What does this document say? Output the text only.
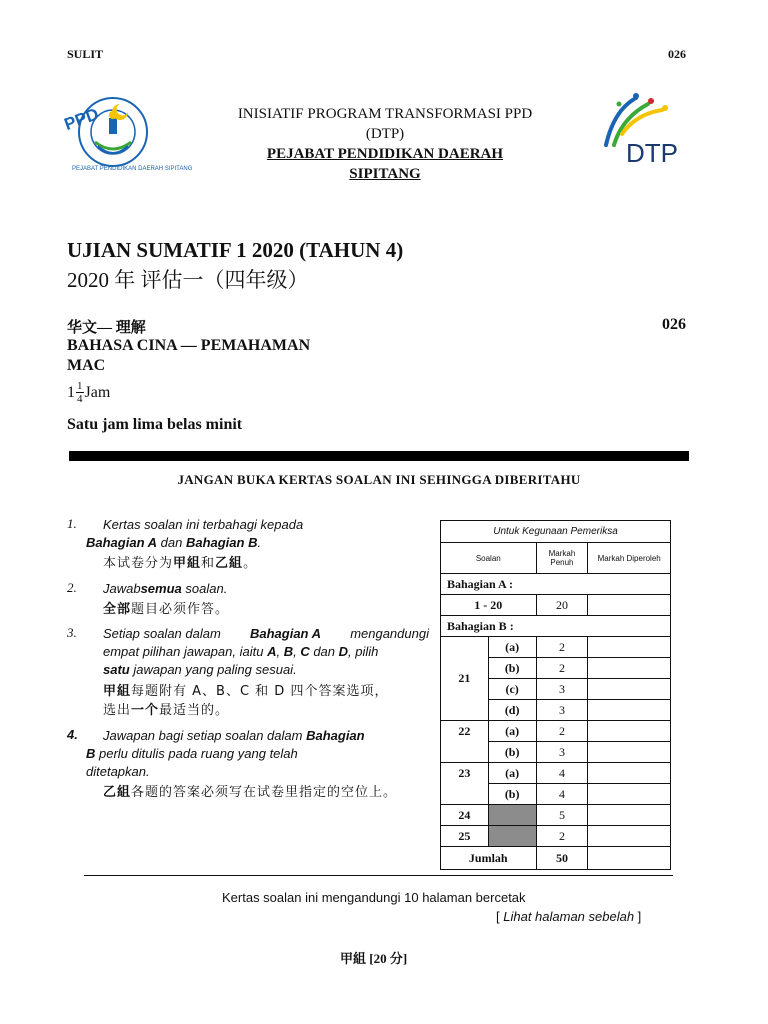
SULIT	026
PPD
PEJABAT PENDIDIKAN DAERAH SIPITANG
INISIATIF PROGRAM TRANSFORMASI PPD
(DTP)
PEJABAT PENDIDIKAN DAERAH
SIPITANG
DTP
UJIAN SUMATIF 1 2020 (TAHUN 4)
2020 年 评估一（四年级）
华文— 理解	026
BAHASA CINA — PEMAHAMAN
MAC
$1 \frac{1}{4}$ Jam
Satu jam lima belas minit
JANGAN BUKA KERTAS SOALAN INI SEHINGGA DIBERITAHU
1. Kertas soalan ini terbahagi kepada
Bahagian A dan Bahagian B.
本试卷分为甲組和乙組。
2. Jawabsemua soalan.
全部题目必须作答。
3. Setiap soalan dalam Bahagian A mengandungi
empat pilihan jawapan, iaitu A, B, C dan D, pilih
satu jawapan yang paling sesuai.
甲組每题附有 A、B、C 和 D 四个答案选项，
选出一个最适当的。
4. Jawapan bagi setiap soalan dalam Bahagian
B perlu ditulis pada ruang yang telah
ditetapkan.
乙組各题的答案必须写在试卷里指定的空位上。
Untuk Kegunaan Pemeriksa			
Soalan		Markah Penuh	Markah Diperoleh
Bahagian A :			
1 - 20		20	
Bahagian B :			
21	(a)	2	
	(b)	2	
	(c)	3	
	(d)	3	
22	(a)	2	
	(b)	3	
23	(a)	4	
	(b)	4	
24		5	
25		2	
Jumlah		50	
Kertas soalan ini mengandungi 10 halaman bercetak
[ Lihat halaman sebelah ]
甲組 [20 分]
